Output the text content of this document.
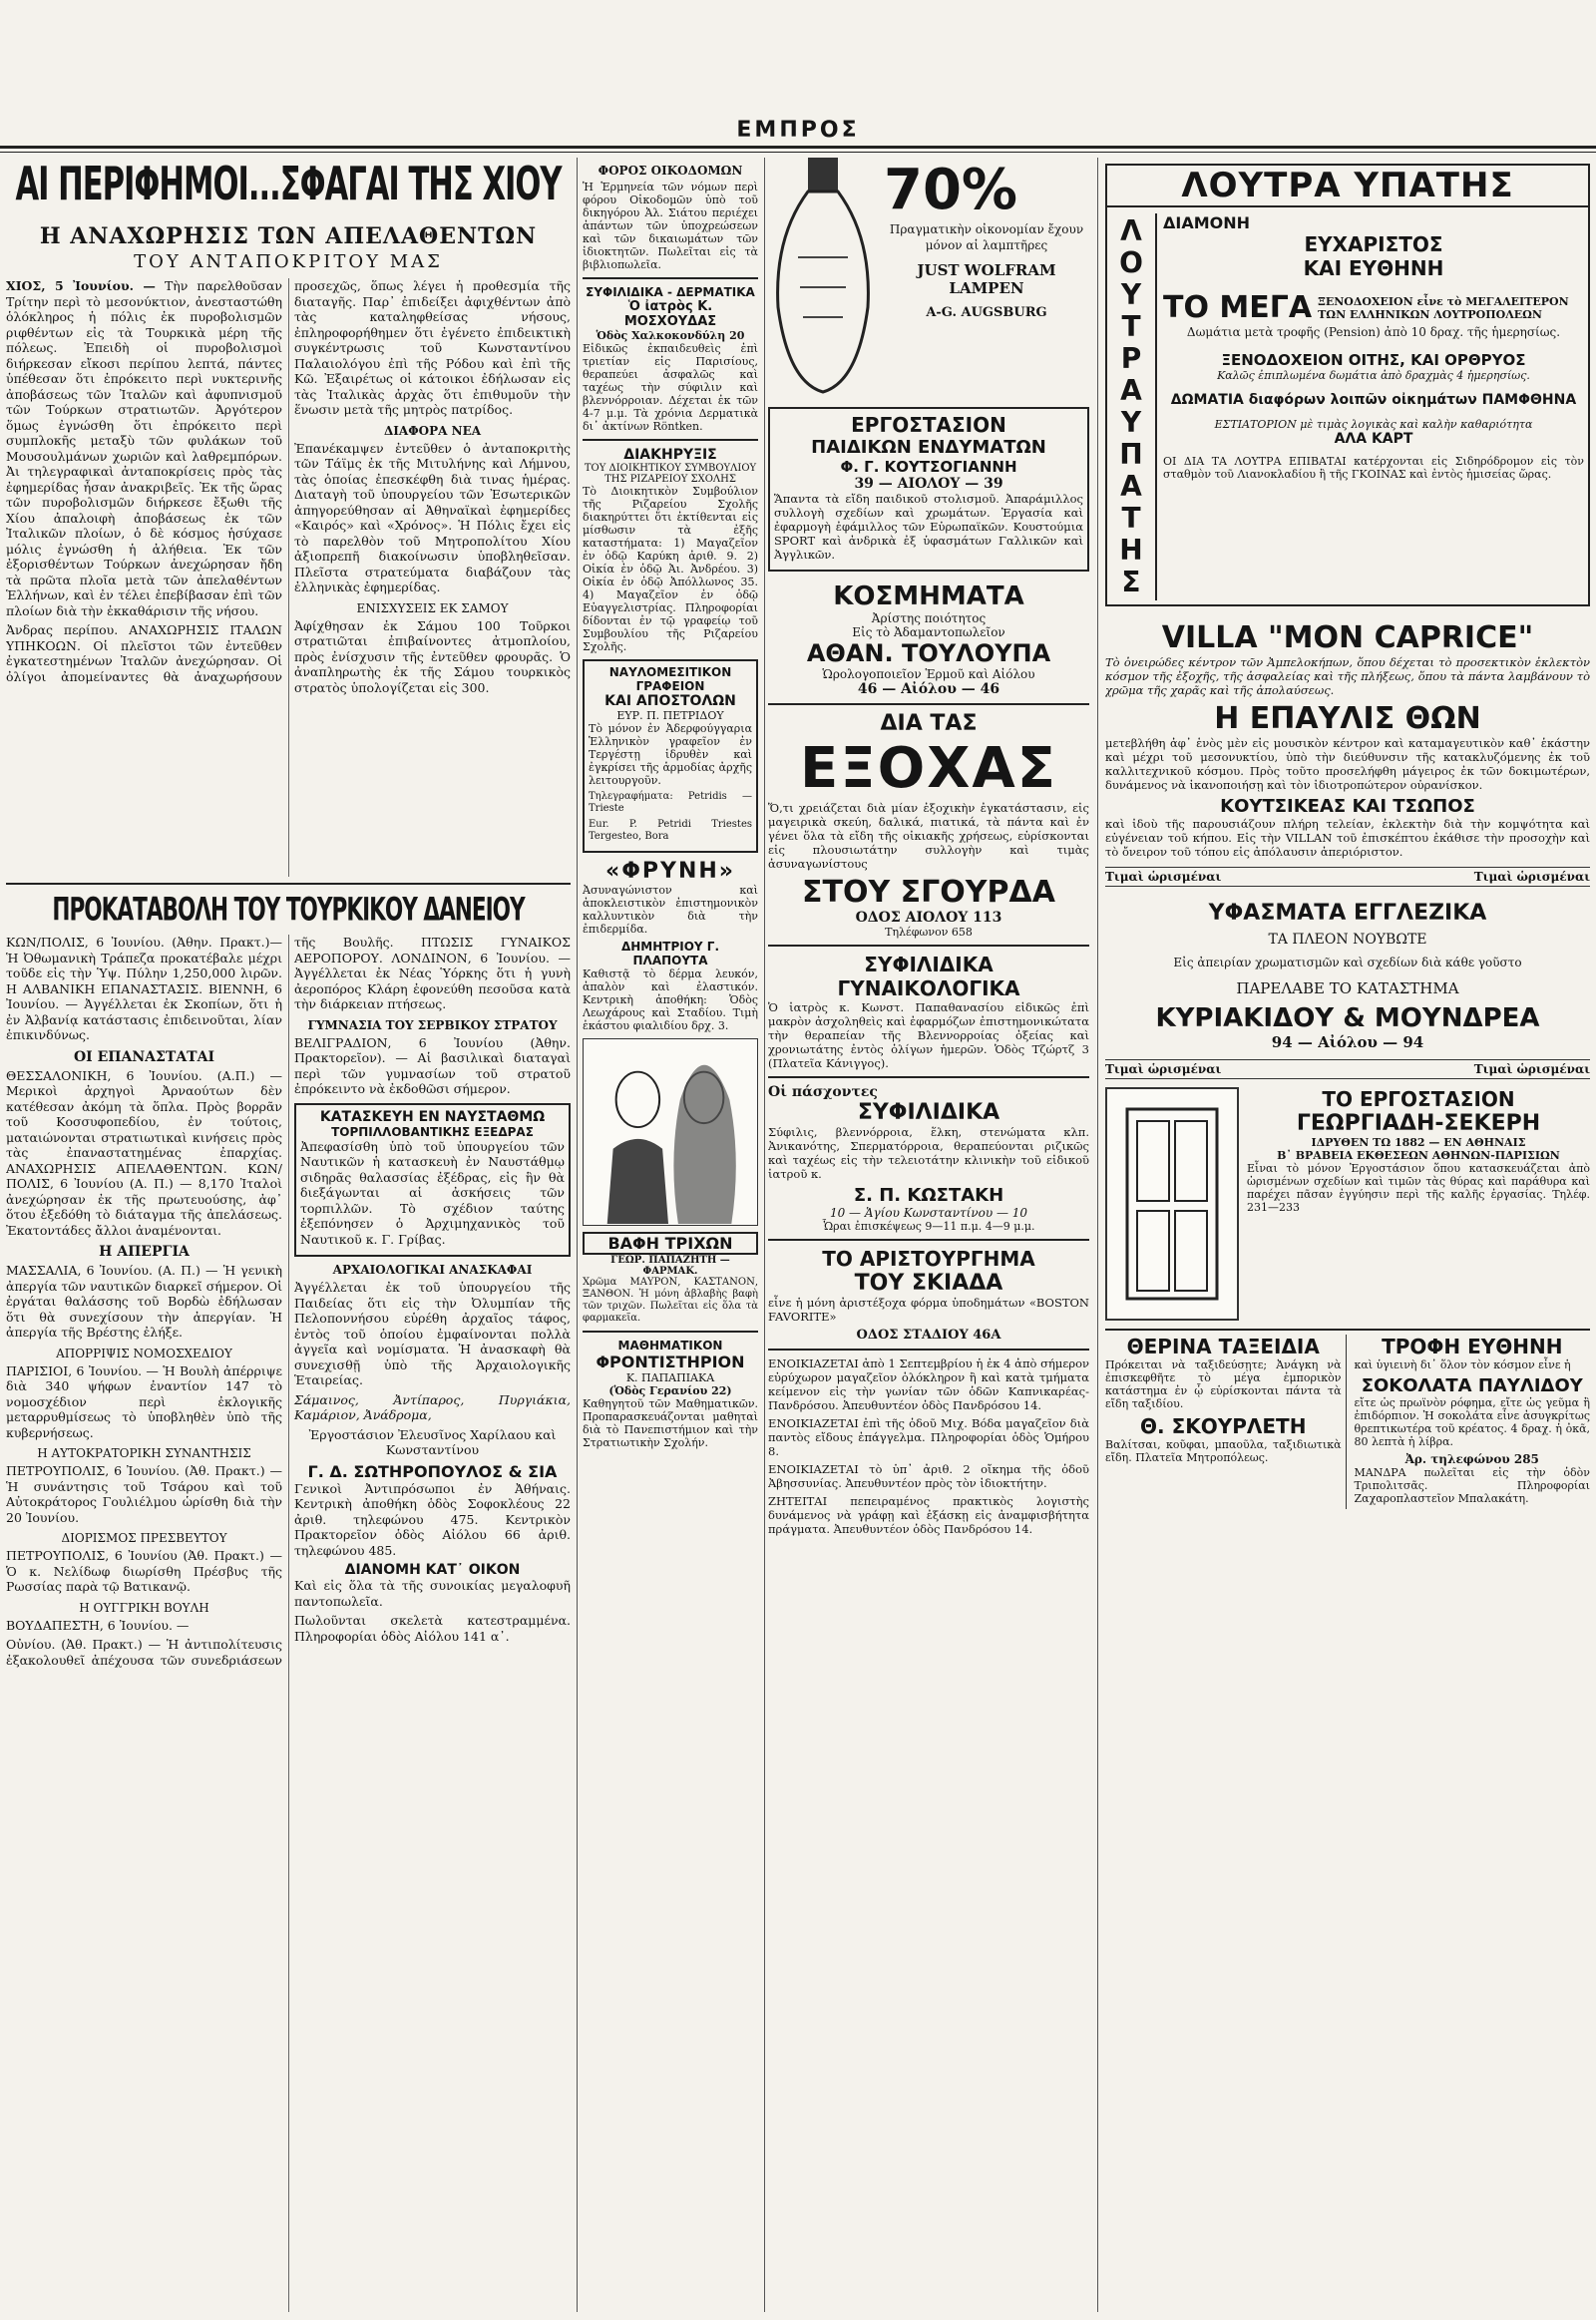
ΕΜΠΡΟΣ
ΑΙ ΠΕΡΙΦΗΜΟΙ...ΣΦΑΓΑΙ ΤΗΣ ΧΙΟΥ
Η ΑΝΑΧΩΡΗΣΙΣ ΤΩΝ ΑΠΕΛΑΘΕΝΤΩΝ
ΤΟΥ ΑΝΤΑΠΟΚΡΙΤΟΥ ΜΑΣ

ΧΙΟΣ, 5 Ἰουνίου. — Τὴν παρελθοῦσαν Τρίτην περὶ τὸ μεσονύκτιον, ἀνεσταστώθη ὁλόκληρος ἡ πόλις ἐκ πυροβολισμῶν ριφθέντων εἰς τὰ Τουρκικὰ μέρη τῆς πόλεως. Ἐπειδὴ οἱ πυροβολισμοὶ διήρκεσαν εἴκοσι περίπου λεπτά, πάντες ὑπέθεσαν ὅτι ἐπρόκειτο περὶ νυκτερινῆς ἀποβάσεως τῶν Ἰταλῶν καὶ ἀφυπνισμοῦ τῶν Τούρκων στρατιωτῶν. Ἀργότερον ὅμως ἐγνώσθη ὅτι ἐπρόκειτο περὶ συμπλοκῆς μεταξὺ τῶν φυλάκων τοῦ Μουσουλμάνων χωριῶν καὶ λαθρεμπόρων. Ἀι τηλεγραφικαὶ ἀνταποκρίσεις πρὸς τὰς ἐφημερίδας ἦσαν ἀνακριβεῖς. Ἐκ τῆς ὥρας τῶν πυροβολισμῶν διήρκεσε ἔξωθι τῆς Χίου ἀπαλοιφὴ ἀποβάσεως ἐκ τῶν Ἰταλικῶν πλοίων, ὁ δὲ κόσμος ἡσύχασε μόλις ἐγνώσθη ἡ ἀλήθεια. Ἐκ τῶν ἐξορισθέντων Τούρκων ἀνεχώρησαν ἤδη τὰ πρῶτα πλοῖα μετὰ τῶν ἀπελαθέντων Ἑλλήνων, καὶ ἐν τέλει ἐπεβίβασαν ἐπὶ τῶν πλοίων διὰ τὴν ἐκκαθάρισιν τῆς νήσου.

Ἀνδρας περίπου. ΑΝΑΧΩΡΗΣΙΣ ΙΤΑΛΩΝ ΥΠΗΚΟΩΝ. Οἱ πλεῖστοι τῶν ἐντεῦθεν ἐγκατεστημένων Ἰταλῶν ἀνεχώρησαν. Οἱ ὀλίγοι ἀπομείναντες θὰ ἀναχωρήσουν προσεχῶς, ὅπως λέγει ἡ προθεσμία τῆς διαταγῆς. Παρ᾽ ἐπιδείξει ἀφιχθέντων ἀπὸ τὰς καταληφθείσας νήσους, ἐπληροφορήθημεν ὅτι ἐγένετο ἐπιδεικτικὴ συγκέντρωσις τοῦ Κωνσταντίνου Παλαιολόγου ἐπὶ τῆς Ρόδου καὶ ἐπὶ τῆς Κῶ. Ἐξαιρέτως οἱ κάτοικοι ἐδήλωσαν εἰς τὰς Ἰταλικὰς ἀρχὰς ὅτι ἐπιθυμοῦν τὴν ἕνωσιν μετὰ τῆς μητρὸς πατρίδος.

ΔΙΑΦΟΡΑ ΝΕΑ

Ἐπανέκαμψεν ἐντεῦθεν ὁ ἀνταποκριτὴς τῶν Τάϊμς ἐκ τῆς Μιτυλήνης καὶ Λήμνου, τὰς ὁποίας ἐπεσκέφθη διὰ τινας ἡμέρας. Διαταγὴ τοῦ ὑπουργείου τῶν Ἐσωτερικῶν ἀπηγορεύθησαν αἱ Ἀθηναϊκαὶ ἐφημερίδες «Καιρός» καὶ «Χρόνος». Ἡ Πόλις ἔχει εἰς τὸ παρελθὸν τοῦ Μητροπολίτου Χίου ἀξιοπρεπῆ διακοίνωσιν ὑποβληθεῖσαν. Πλεῖστα στρατεύματα διαβάζουν τὰς ἐλληνικὰς ἐφημερίδας.

ΕΝΙΣΧΥΣΕΙΣ ΕΚ ΣΑΜΟΥ

Ἀφίχθησαν ἐκ Σάμου 100 Τοῦρκοι στρατιῶται ἐπιβαίνοντες ἀτμοπλοίου, πρὸς ἐνίσχυσιν τῆς ἐντεῦθεν φρουρᾶς. Ὁ ἀναπληρωτὴς ἐκ τῆς Σάμου τουρκικὸς στρατὸς ὑπολογίζεται εἰς 300.

ΠΡΟΚΑΤΑΒΟΛΗ ΤΟΥ ΤΟΥΡΚΙΚΟΥ ΔΑΝΕΙΟΥ

ΚΩΝ/ΠΟΛΙΣ, 6 Ἰουνίου. (Ἀθην. Πρακτ.)— Ἡ Ὀθωμανικὴ Τράπεζα προκατέβαλε μέχρι τοῦδε εἰς τὴν Ὑψ. Πύλην 1,250,000 λιρῶν. Η ΑΛΒΑΝΙΚΗ ΕΠΑΝΑΣΤΑΣΙΣ. ΒΙΕΝΝΗ, 6 Ἰουνίου. — Ἀγγέλλεται ἐκ Σκοπίων, ὅτι ἡ ἐν Ἀλβανίᾳ κατάστασις ἐπιδεινοῦται, λίαν ἐπικινδύνως.

ΟΙ ΕΠΑΝΑΣΤΑΤΑΙ

ΘΕΣΣΑΛΟΝΙΚΗ, 6 Ἰουνίου. (Α.Π.) — Μερικοὶ ἀρχηγοὶ Ἀρναούτων δὲν κατέθεσαν ἀκόμη τὰ ὅπλα. Πρὸς βορρᾶν τοῦ Κοσσυφοπεδίου, ἐν τούτοις, ματαιώνονται στρατιωτικαὶ κινήσεις πρὸς τὰς ἐπαναστατημένας ἐπαρχίας. ΑΝΑΧΩΡΗΣΙΣ ΑΠΕΛΑΘΕΝΤΩΝ. ΚΩΝ/ΠΟΛΙΣ, 6 Ἰουνίου (Α. Π.) — 8,170 Ἰταλοὶ ἀνεχώρησαν ἐκ τῆς πρωτευούσης, ἀφ᾽ ὅτου ἐξεδόθη τὸ διάταγμα τῆς ἀπελάσεως. Ἐκατοντάδες ἄλλοι ἀναμένονται.

Η ΑΠΕΡΓΙΑ

ΜΑΣΣΑΛΙΑ, 6 Ἰουνίου. (Α. Π.) — Ἡ γενικὴ ἀπεργία τῶν ναυτικῶν διαρκεῖ σήμερον. Οἱ ἐργάται θαλάσσης τοῦ Βορδὼ ἐδήλωσαν ὅτι θὰ συνεχίσουν τὴν ἀπεργίαν. Ἡ ἀπεργία τῆς Βρέστης ἐλήξε.

ΑΠΟΡΡΙΨΙΣ ΝΟΜΟΣΧΕΔΙΟΥ

ΠΑΡΙΣΙΟΙ, 6 Ἰουνίου. — Ἡ Βουλὴ ἀπέρριψε διὰ 340 ψήφων ἐναντίον 147 τὸ νομοσχέδιον περὶ ἐκλογικῆς μεταρρυθμίσεως τὸ ὑποβληθὲν ὑπὸ τῆς κυβερνήσεως.

Η ΑΥΤΟΚΡΑΤΟΡΙΚΗ ΣΥΝΑΝΤΗΣΙΣ

ΠΕΤΡΟΥΠΟΛΙΣ, 6 Ἰουνίου. (Ἀθ. Πρακτ.) — Ἡ συνάντησις τοῦ Τσάρου καὶ τοῦ Αὐτοκράτορος Γουλιέλμου ὡρίσθη διὰ τὴν 20 Ἰουνίου.

ΔΙΟΡΙΣΜΟΣ ΠΡΕΣΒΕΥΤΟΥ

ΠΕΤΡΟΥΠΟΛΙΣ, 6 Ἰουνίου (Ἀθ. Πρακτ.) — Ὁ κ. Νελίδωφ διωρίσθη Πρέσβυς τῆς Ρωσσίας παρὰ τῷ Βατικανῷ.

Η ΟΥΓΓΡΙΚΗ ΒΟΥΛΗ

ΒΟΥΔΑΠΕΣΤΗ, 6 Ἰουνίου. —

Οὐνίου. (Ἀθ. Πρακτ.) — Ἡ ἀντιπολίτευσις ἐξακολουθεῖ ἀπέχουσα τῶν συνεδριάσεων τῆς Βουλῆς. ΠΤΩΣΙΣ ΓΥΝΑΙΚΟΣ ΑΕΡΟΠΟΡΟΥ. ΛΟΝΔΙΝΟΝ, 6 Ἰουνίου. — Ἀγγέλλεται ἐκ Νέας Ὑόρκης ὅτι ἡ γυνὴ ἀεροπόρος Κλάρη ἐφονεύθη πεσοῦσα κατὰ τὴν διάρκειαν πτήσεως.

ΓΥΜΝΑΣΙΑ ΤΟΥ ΣΕΡΒΙΚΟΥ ΣΤΡΑΤΟΥ

ΒΕΛΙΓΡΑΔΙΟΝ, 6 Ἰουνίου (Ἀθην. Πρακτορεῖον). — Αἱ βασιλικαὶ διαταγαὶ περὶ τῶν γυμνασίων τοῦ στρατοῦ ἐπρόκειντο νὰ ἐκδοθῶσι σήμερον.

ΚΑΤΑΣΚΕΥΗ ΕΝ ΝΑΥΣΤΑΘΜΩ
ΤΟΡΠΙΛΛΟΒΑΝΤΙΚΗΣ ΕΞΕΔΡΑΣ

Ἀπεφασίσθη ὑπὸ τοῦ ὑπουργείου τῶν Ναυτικῶν ἡ κατασκευὴ ἐν Ναυστάθμῳ σιδηρᾶς θαλασσίας ἐξέδρας, εἰς ἣν θὰ διεξάγωνται αἱ ἀσκήσεις τῶν τορπιλλῶν. Τὸ σχέδιον ταύτης ἐξεπόνησεν ὁ Ἀρχιμηχανικὸς τοῦ Ναυτικοῦ κ. Γ. Γρίβας.

ΑΡΧΑΙΟΛΟΓΙΚΑΙ ΑΝΑΣΚΑΦΑΙ

Ἀγγέλλεται ἐκ τοῦ ὑπουργείου τῆς Παιδείας ὅτι εἰς τὴν Ὀλυμπίαν τῆς Πελοποννήσου εὑρέθη ἀρχαῖος τάφος, ἐντὸς τοῦ ὁποίου ἐμφαίνονται πολλὰ ἀγγεῖα καὶ νομίσματα. Ἡ ἀνασκαφὴ θὰ συνεχισθῇ ὑπὸ τῆς Ἀρχαιολογικῆς Ἑταιρείας.

Σάμαινος, Ἀντίπαρος, Πυργιάκια, Καμάριον, Ἀνάδρομα,

Ἐργοστάσιον Ἐλευσῖνος Χαρίλαου καὶ Κωνσταντίνου

Γ. Δ. ΣΩΤΗΡΟΠΟΥΛΟΣ & ΣΙΑ

Γενικοὶ Ἀντιπρόσωποι ἐν Ἀθήναις. Κεντρικὴ ἀποθήκη ὁδὸς Σοφοκλέους 22 ἀριθ. τηλεφώνου 475. Κεντρικὸν Πρακτορεῖον ὁδὸς Αἰόλου 66 ἀριθ. τηλεφώνου 485.

ΔΙΑΝΟΜΗ ΚΑΤ᾽ ΟΙΚΟΝ

Καὶ εἰς ὅλα τὰ τῆς συνοικίας μεγαλοφυῆ παντοπωλεῖα.

Πωλοῦνται σκελετὰ κατεστραμμένα. Πληροφορίαι ὁδὸς Αἰόλου 141 α᾽.

ΦΟΡΟΣ ΟΙΚΟΔΟΜΩΝ

Ἡ Ἑρμηνεία τῶν νόμων περὶ φόρου Οἰκοδομῶν ὑπὸ τοῦ δικηγόρου Ἀλ. Σιάτου περιέχει ἀπάντων τῶν ὑποχρεώσεων καὶ τῶν δικαιωμάτων τῶν ἰδιοκτητῶν. Πωλεῖται εἰς τὰ βιβλιοπωλεῖα.

ΣΥΦΙΛΙΔΙΚΑ - ΔΕΡΜΑΤΙΚΑ
Ὁ ἰατρὸς Κ. ΜΟΣΧΟΥΔΑΣ
Ὁδὸς Χαλκοκονδύλη 20

Εἰδικῶς ἐκπαιδευθεὶς ἐπὶ τριετίαν εἰς Παρισίους, θεραπεύει ἀσφαλῶς καὶ ταχέως τὴν σύφιλιν καὶ βλεννόρροιαν. Δέχεται ἐκ τῶν 4-7 μ.μ. Τὰ χρόνια Δερματικὰ δι᾽ ἀκτίνων Röntken.

ΔΙΑΚΗΡΥΞΙΣ
ΤΟΥ ΔΙΟΙΚΗΤΙΚΟΥ ΣΥΜΒΟΥΛΙΟΥ ΤΗΣ ΡΙΖΑΡΕΙΟΥ ΣΧΟΛΗΣ

Τὸ Διοικητικὸν Συμβούλιον τῆς Ριζαρείου Σχολῆς διακηρύττει ὅτι ἐκτίθενται εἰς μίσθωσιν τὰ ἐξῆς καταστήματα: 1) Μαγαζεῖον ἐν ὁδῷ Καρύκη ἀριθ. 9. 2) Οἰκία ἐν ὁδῷ Ἀι. Ἀνδρέου. 3) Οἰκία ἐν ὁδῷ Ἀπόλλωνος 35. 4) Μαγαζεῖον ἐν ὁδῷ Εὐαγγελιστρίας. Πληροφορίαι δίδονται ἐν τῷ γραφείῳ τοῦ Συμβουλίου τῆς Ριζαρείου Σχολῆς.

ΝΑΥΛΟΜΕΣΙΤΙΚΟΝ ΓΡΑΦΕΙΟΝ
ΚΑΙ ΑΠΟΣΤΟΛΩΝ
ΕΥΡ. Π. ΠΕΤΡΙΔΟΥ

Τὸ μόνον ἐν Ἀδερφούγγαρια Ἑλληνικὸν γραφεῖον ἐν Τεργέστῃ ἱδρυθὲν καὶ ἐγκρίσει τῆς ἁρμοδίας ἀρχῆς λειτουργοῦν.

Τηλεγραφήματα: Petridis — Trieste

Eur. P. Petridi Triestes Tergesteo, Bora

«ΦΡΥΝΗ»

Ἀσυναγώνιστον καὶ ἀποκλειστικὸν ἐπιστημονικὸν καλλυντικὸν διὰ τὴν ἐπιδερμίδα.

ΔΗΜΗΤΡΙΟΥ Γ. ΠΛΑΠΟΥΤΑ

Καθιστᾷ τὸ δέρμα λευκόν, ἀπαλὸν καὶ ἐλαστικόν. Κεντρικὴ ἀποθήκη: Ὁδὸς Λεωχάρους καὶ Σταδίου. Τιμὴ ἑκάστου φιαλιδίου δρχ. 3.

ΒΑΦΗ ΤΡΙΧΩΝ
ΓΕΩΡ. ΠΑΠΑΖΗΤΗ — ΦΑΡΜΑΚ.

Χρῶμα ΜΑΥΡΟΝ, ΚΑΣΤΑΝΟΝ, ΞΑΝΘΟΝ. Ἡ μόνη ἀβλαβὴς βαφὴ τῶν τριχῶν. Πωλεῖται εἰς ὅλα τὰ φαρμακεῖα.

ΜΑΘΗΜΑΤΙΚΟΝ
ΦΡΟΝΤΙΣΤΗΡΙΟΝ
Κ. ΠΑΠΑΠΙΑΚΑ
(Ὁδὸς Γερανίου 22)

Καθηγητοῦ τῶν Μαθηματικῶν. Προπαρασκευάζονται μαθηταὶ διὰ τὸ Πανεπιστήμιον καὶ τὴν Στρατιωτικὴν Σχολήν.

70%

Πραγματικὴν οἰκονομίαν ἔχουν μόνον αἱ λαμπτῆρες

JUST WOLFRAM LAMPEN
A-G. AUGSBURG
ΕΡΓΟΣΤΑΣΙΟΝ
ΠΑΙΔΙΚΩΝ ΕΝΔΥΜΑΤΩΝ
Φ. Γ. ΚΟΥΤΣΟΓΙΑΝΝΗ
39 — ΑΙΟΛΟΥ — 39

Ἅπαντα τὰ εἴδη παιδικοῦ στολισμοῦ. Ἀπαράμιλλος συλλογὴ σχεδίων καὶ χρωμάτων. Ἐργασία καὶ ἐφαρμογὴ ἐφάμιλλος τῶν Εὐρωπαϊκῶν. Κουστούμια SPORT καὶ ἀνδρικὰ ἐξ ὑφασμάτων Γαλλικῶν καὶ Ἀγγλικῶν.

ΚΟΣΜΗΜΑΤΑ
Ἀρίστης ποιότητος
Εἰς τὸ Ἀδαμαντοπωλεῖον
ΑΘΑΝ. ΤΟΥΛΟΥΠΑ
Ὡρολογοποιεῖον Ἑρμοῦ καὶ Αἰόλου
46 — Αἰόλου — 46
ΔΙΑ ΤΑΣ
ΕΞΟΧΑΣ

Ὅ,τι χρειάζεται διὰ μίαν ἐξοχικὴν ἐγκατάστασιν, εἰς μαγειρικὰ σκεύη, δαλικά, πιατικά, τὰ πάντα καὶ ἐν γένει ὅλα τὰ εἴδη τῆς οἰκιακῆς χρήσεως, εὑρίσκονται εἰς πλουσιωτάτην συλλογὴν καὶ τιμὰς ἀσυναγωνίστους

ΣΤΟΥ ΣΓΟΥΡΔΑ
ΟΔΟΣ ΑΙΟΛΟΥ 113
Τηλέφωνον 658
ΣΥΦΙΛΙΔΙΚΑ
ΓΥΝΑΙΚΟΛΟΓΙΚΑ

Ὁ ἰατρὸς κ. Κωνστ. Παπαθανασίου εἰδικῶς ἐπὶ μακρὸν ἀσχοληθεὶς καὶ ἐφαρμόζων ἐπιστημονικώτατα τὴν θεραπείαν τῆς Βλεννορροίας ὀξείας καὶ χρονιωτάτης ἐντὸς ὀλίγων ἡμερῶν. Ὁδὸς Τζώρτζ 3 (Πλατεῖα Κάνιγγος).

Οἱ πάσχοντες
ΣΥΦΙΛΙΔΙΚΑ

Σύφιλις, βλεννόρροια, ἕλκη, στενώματα κλπ. Ἀνικανότης, Σπερματόρροια, θεραπεύονται ριζικῶς καὶ ταχέως εἰς τὴν τελειοτάτην κλινικὴν τοῦ εἰδικοῦ ἰατροῦ κ.

Σ. Π. ΚΩΣΤΑΚΗ
10 — Ἁγίου Κωνσταντίνου — 10
Ὧραι ἐπισκέψεως 9—11 π.μ. 4—9 μ.μ.
ΤΟ ΑΡΙΣΤΟΥΡΓΗΜΑ
ΤΟΥ ΣΚΙΑΔΑ

εἶνε ἡ μόνη ἀριστέξοχα φόρμα ὑποδημάτων «BOSTON FAVORITE»

ΟΔΟΣ ΣΤΑΔΙΟΥ 46Α

ΕΝΟΙΚΙΑΖΕΤΑΙ ἀπὸ 1 Σεπτεμβρίου ἡ ἐκ 4 ἀπὸ σήμερον εὐρύχωρον μαγαζεῖον ὁλόκληρον ἢ καὶ κατὰ τμήματα κείμενον εἰς τὴν γωνίαν τῶν ὁδῶν Καπνικαρέας-Πανδρόσου. Ἀπευθυντέον ὁδὸς Πανδρόσου 14.

ΕΝΟΙΚΙΑΖΕΤΑΙ ἐπὶ τῆς ὁδοῦ Μιχ. Βόδα μαγαζεῖον διὰ παντὸς εἴδους ἐπάγγελμα. Πληροφορίαι ὁδὸς Ὁμήρου 8.

ΕΝΟΙΚΙΑΖΕΤΑΙ τὸ ὑπ᾽ ἀριθ. 2 οἴκημα τῆς ὁδοῦ Ἀβησσυνίας. Ἀπευθυντέον πρὸς τὸν ἰδιοκτήτην.

ΖΗΤΕΙΤΑΙ πεπειραμένος πρακτικὸς λογιστὴς δυνάμενος νὰ γράφῃ καὶ ἐξάσκῃ εἰς ἀναμφισβήτητα πράγματα. Ἀπευθυντέον ὁδὸς Πανδρόσου 14.

ΛΟΥΤΡΑ ΥΠΑΤΗΣ
Λ
Ο
Υ
Τ
Ρ
Α
Υ
Π
Α
Τ
Η
Σ
ΔΙΑΜΟΝΗ
ΕΥΧΑΡΙΣΤΟΣ
ΚΑΙ ΕΥΘΗΝΗ
ΤΟ ΜΕΓΑ ΞΕΝΟΔΟΧΕΙΟΝ εἶνε τὸ ΜΕΓΑΛΕΙΤΕΡΟΝ ΤΩΝ ΕΛΛΗΝΙΚΩΝ ΛΟΥΤΡΟΠΟΛΕΩΝ
Δωμάτια μετὰ τροφῆς (Pension) ἀπὸ 10 δραχ. τῆς ἡμερησίως.
ΞΕΝΟΔΟΧΕΙΟΝ ΟΙΤΗΣ, ΚΑΙ ΟΡΘΡΥΟΣ
Καλῶς ἐπιπλωμένα δωμάτια ἀπὸ δραχμὰς 4 ἡμερησίως.
ΔΩΜΑΤΙΑ διαφόρων λοιπῶν οἰκημάτων ΠΑΜΦΘΗΝΑ
ΕΣΤΙΑΤΟΡΙΟΝ μὲ τιμὰς λογικὰς καὶ καλὴν καθαριότητα
ΑΛΑ ΚΑΡΤ

ΟΙ ΔΙΑ ΤΑ ΛΟΥΤΡΑ ΕΠΙΒΑΤΑΙ κατέρχονται εἰς Σιδηρόδρομον εἰς τὸν σταθμὸν τοῦ Λιανοκλαδίου ἢ τῆς ΓΚΟΙΝΑΣ καὶ ἐντὸς ἡμισείας ὥρας.

VILLA "MON CAPRICE"

Τὸ ὀνειρώδες κέντρον τῶν Ἀμπελοκήπων, ὅπου δέχεται τὸ προσεκτικὸν ἐκλεκτὸν κόσμον τῆς ἐξοχῆς, τῆς ἀσφαλείας καὶ τῆς πλήξεως, ὅπου τὰ πάντα λαμβάνουν τὸ χρῶμα τῆς χαρᾶς καὶ τῆς ἀπολαύσεως.

Η ΕΠΑΥΛΙΣ ΘΩΝ

μετεβλήθη ἀφ᾽ ἑνὸς μὲν εἰς μουσικὸν κέντρον καὶ καταμαγευτικὸν καθ᾽ ἑκάστην καὶ μέχρι τοῦ μεσονυκτίου, ὑπὸ τὴν διεύθυνσιν τῆς κατακλυζόμενης ἐκ τοῦ καλλιτεχνικοῦ κόσμου. Πρὸς τοῦτο προσελήφθη μάγειρος ἐκ τῶν δοκιμωτέρων, δυνάμενος νὰ ἱκανοποιήσῃ καὶ τὸν ἰδιοτροπώτερον οὐρανίσκον.

ΚΟΥΤΣΙΚΕΑΣ ΚΑΙ ΤΣΩΠΟΣ

καὶ ἰδοὺ τῆς παρουσιάζουν πλήρη τελείαν, ἐκλεκτὴν διὰ τὴν κομψότητα καὶ εὐγένειαν τοῦ κήπου. Εἰς τὴν VILLAN τοῦ ἐπισκέπτου ἐκάθισε τὴν προσοχὴν καὶ τὸ ὄνειρον τοῦ τόπου εἰς ἀπόλαυσιν ἀπεριόριστον.

Τιμαὶ ὡρισμέναι	Τιμαὶ ὡρισμέναι
ΥΦΑΣΜΑΤΑ ΕΓΓΛΕΖΙΚΑ
ΤΑ ΠΛΕΟΝ ΝΟΥΒΩΤΕ
Εἰς ἀπειρίαν χρωματισμῶν καὶ σχεδίων διὰ κάθε γοῦστο
ΠΑΡΕΛΑΒΕ ΤΟ ΚΑΤΑΣΤΗΜΑ
ΚΥΡΙΑΚΙΔΟΥ & ΜΟΥΝΔΡΕΑ
94 — Αἰόλου — 94
Τιμαὶ ὡρισμέναι	Τιμαὶ ὡρισμέναι
ΤΟ ΕΡΓΟΣΤΑΣΙΟΝ
ΓΕΩΡΓΙΑΔΗ-ΣΕΚΕΡΗ
ΙΔΡΥΘΕΝ ΤΩ 1882 — ΕΝ ΑΘΗΝΑΙΣ
Β᾽ ΒΡΑΒΕΙΑ ΕΚΘΕΣΕΩΝ ΑΘΗΝΩΝ-ΠΑΡΙΣΙΩΝ

Εἶναι τὸ μόνον Ἐργοστάσιον ὅπου κατασκευάζεται ἀπὸ ὡρισμένων σχεδίων καὶ τιμῶν τὰς θύρας καὶ παράθυρα καὶ παρέχει πᾶσαν ἐγγύησιν περὶ τῆς καλῆς ἐργασίας. Τηλέφ. 231—233

ΘΕΡΙΝΑ ΤΑΞΕΙΔΙΑ

Πρόκειται νὰ ταξιδεύσῃτε; Ἀνάγκη νὰ ἐπισκεφθῆτε τὸ μέγα ἐμπορικὸν κατάστημα ἐν ᾧ εὑρίσκονται πάντα τὰ εἴδη ταξιδίου.

Θ. ΣΚΟΥΡΛΕΤΗ

Βαλίτσαι, κοῦφαι, μπαοῦλα, ταξιδιωτικὰ εἴδη. Πλατεῖα Μητροπόλεως.

ΤΡΟΦΗ ΕΥΘΗΝΗ

καὶ ὑγιεινὴ δι᾽ ὅλον τὸν κόσμον εἶνε ἡ

ΣΟΚΟΛΑΤΑ ΠΑΥΛΙΔΟΥ

εἴτε ὡς πρωϊνὸν ρόφημα, εἴτε ὡς γεῦμα ἢ ἐπιδόρπιον. Ἡ σοκολάτα εἶνε ἀσυγκρίτως θρεπτικωτέρα τοῦ κρέατος. 4 δραχ. ἡ ὀκᾶ, 80 λεπτὰ ἡ λίβρα.

Ἀρ. τηλεφώνου 285

ΜΑΝΔΡΑ πωλεῖται εἰς τὴν ὁδὸν Τριπολιτσᾶς. Πληροφορίαι Ζαχαροπλαστεῖον Μπαλακάτη.
